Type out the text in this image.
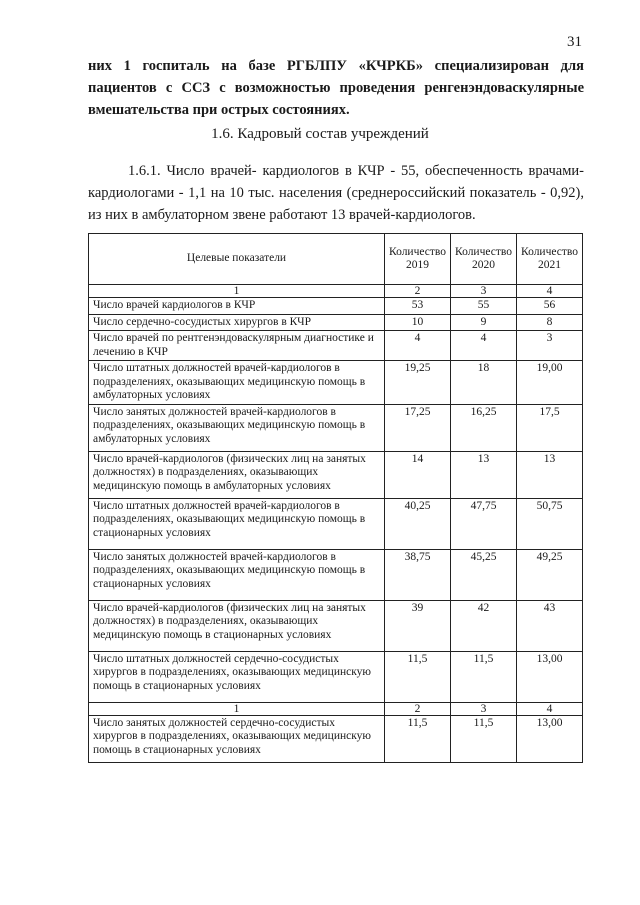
31

них 1 госпиталь на базе РГБЛПУ «КЧРКБ» специализирован для пациентов с ССЗ с возможностью проведения ренгенэндоваскулярные вмешательства при острых состояниях.

1.6. Кадровый состав учреждений

1.6.1. Число врачей- кардиологов в КЧР - 55, обеспеченность врачами-кардиологами - 1,1 на 10 тыс. населения (среднероссийский показатель - 0,92), из них в амбулаторном звене работают 13 врачей-кардиологов.

Целевые показатели	Количество 2019	Количество 2020	Количество 2021
1	2	3	4
Число врачей кардиологов в КЧР	53	55	56
Число сердечно-сосудистых хирургов в КЧР	10	9	8
Число врачей по рентгенэндоваскулярным диагностике и лечению в КЧР	4	4	3
Число штатных должностей врачей-кардиологов в подразделениях, оказывающих медицинскую помощь в амбулаторных условиях	19,25	18	19,00
Число занятых должностей врачей-кардиологов в подразделениях, оказывающих медицинскую помощь в амбулаторных условиях	17,25	16,25	17,5
Число врачей-кардиологов (физических лиц на занятых должностях) в подразделениях, оказывающих медицинскую помощь в амбулаторных условиях	14	13	13
Число штатных должностей врачей-кардиологов в подразделениях, оказывающих медицинскую помощь в стационарных условиях	40,25	47,75	50,75
Число занятых должностей врачей-кардиологов в подразделениях, оказывающих медицинскую помощь в стационарных условиях	38,75	45,25	49,25
Число врачей-кардиологов (физических лиц на занятых должностях) в подразделениях, оказывающих медицинскую помощь в стационарных условиях	39	42	43
Число штатных должностей сердечно-сосудистых хирургов в подразделениях, оказывающих медицинскую помощь в стационарных условиях	11,5	11,5	13,00
1	2	3	4
Число занятых должностей сердечно-сосудистых хирургов в подразделениях, оказывающих медицинскую помощь в стационарных условиях	11,5	11,5	13,00
